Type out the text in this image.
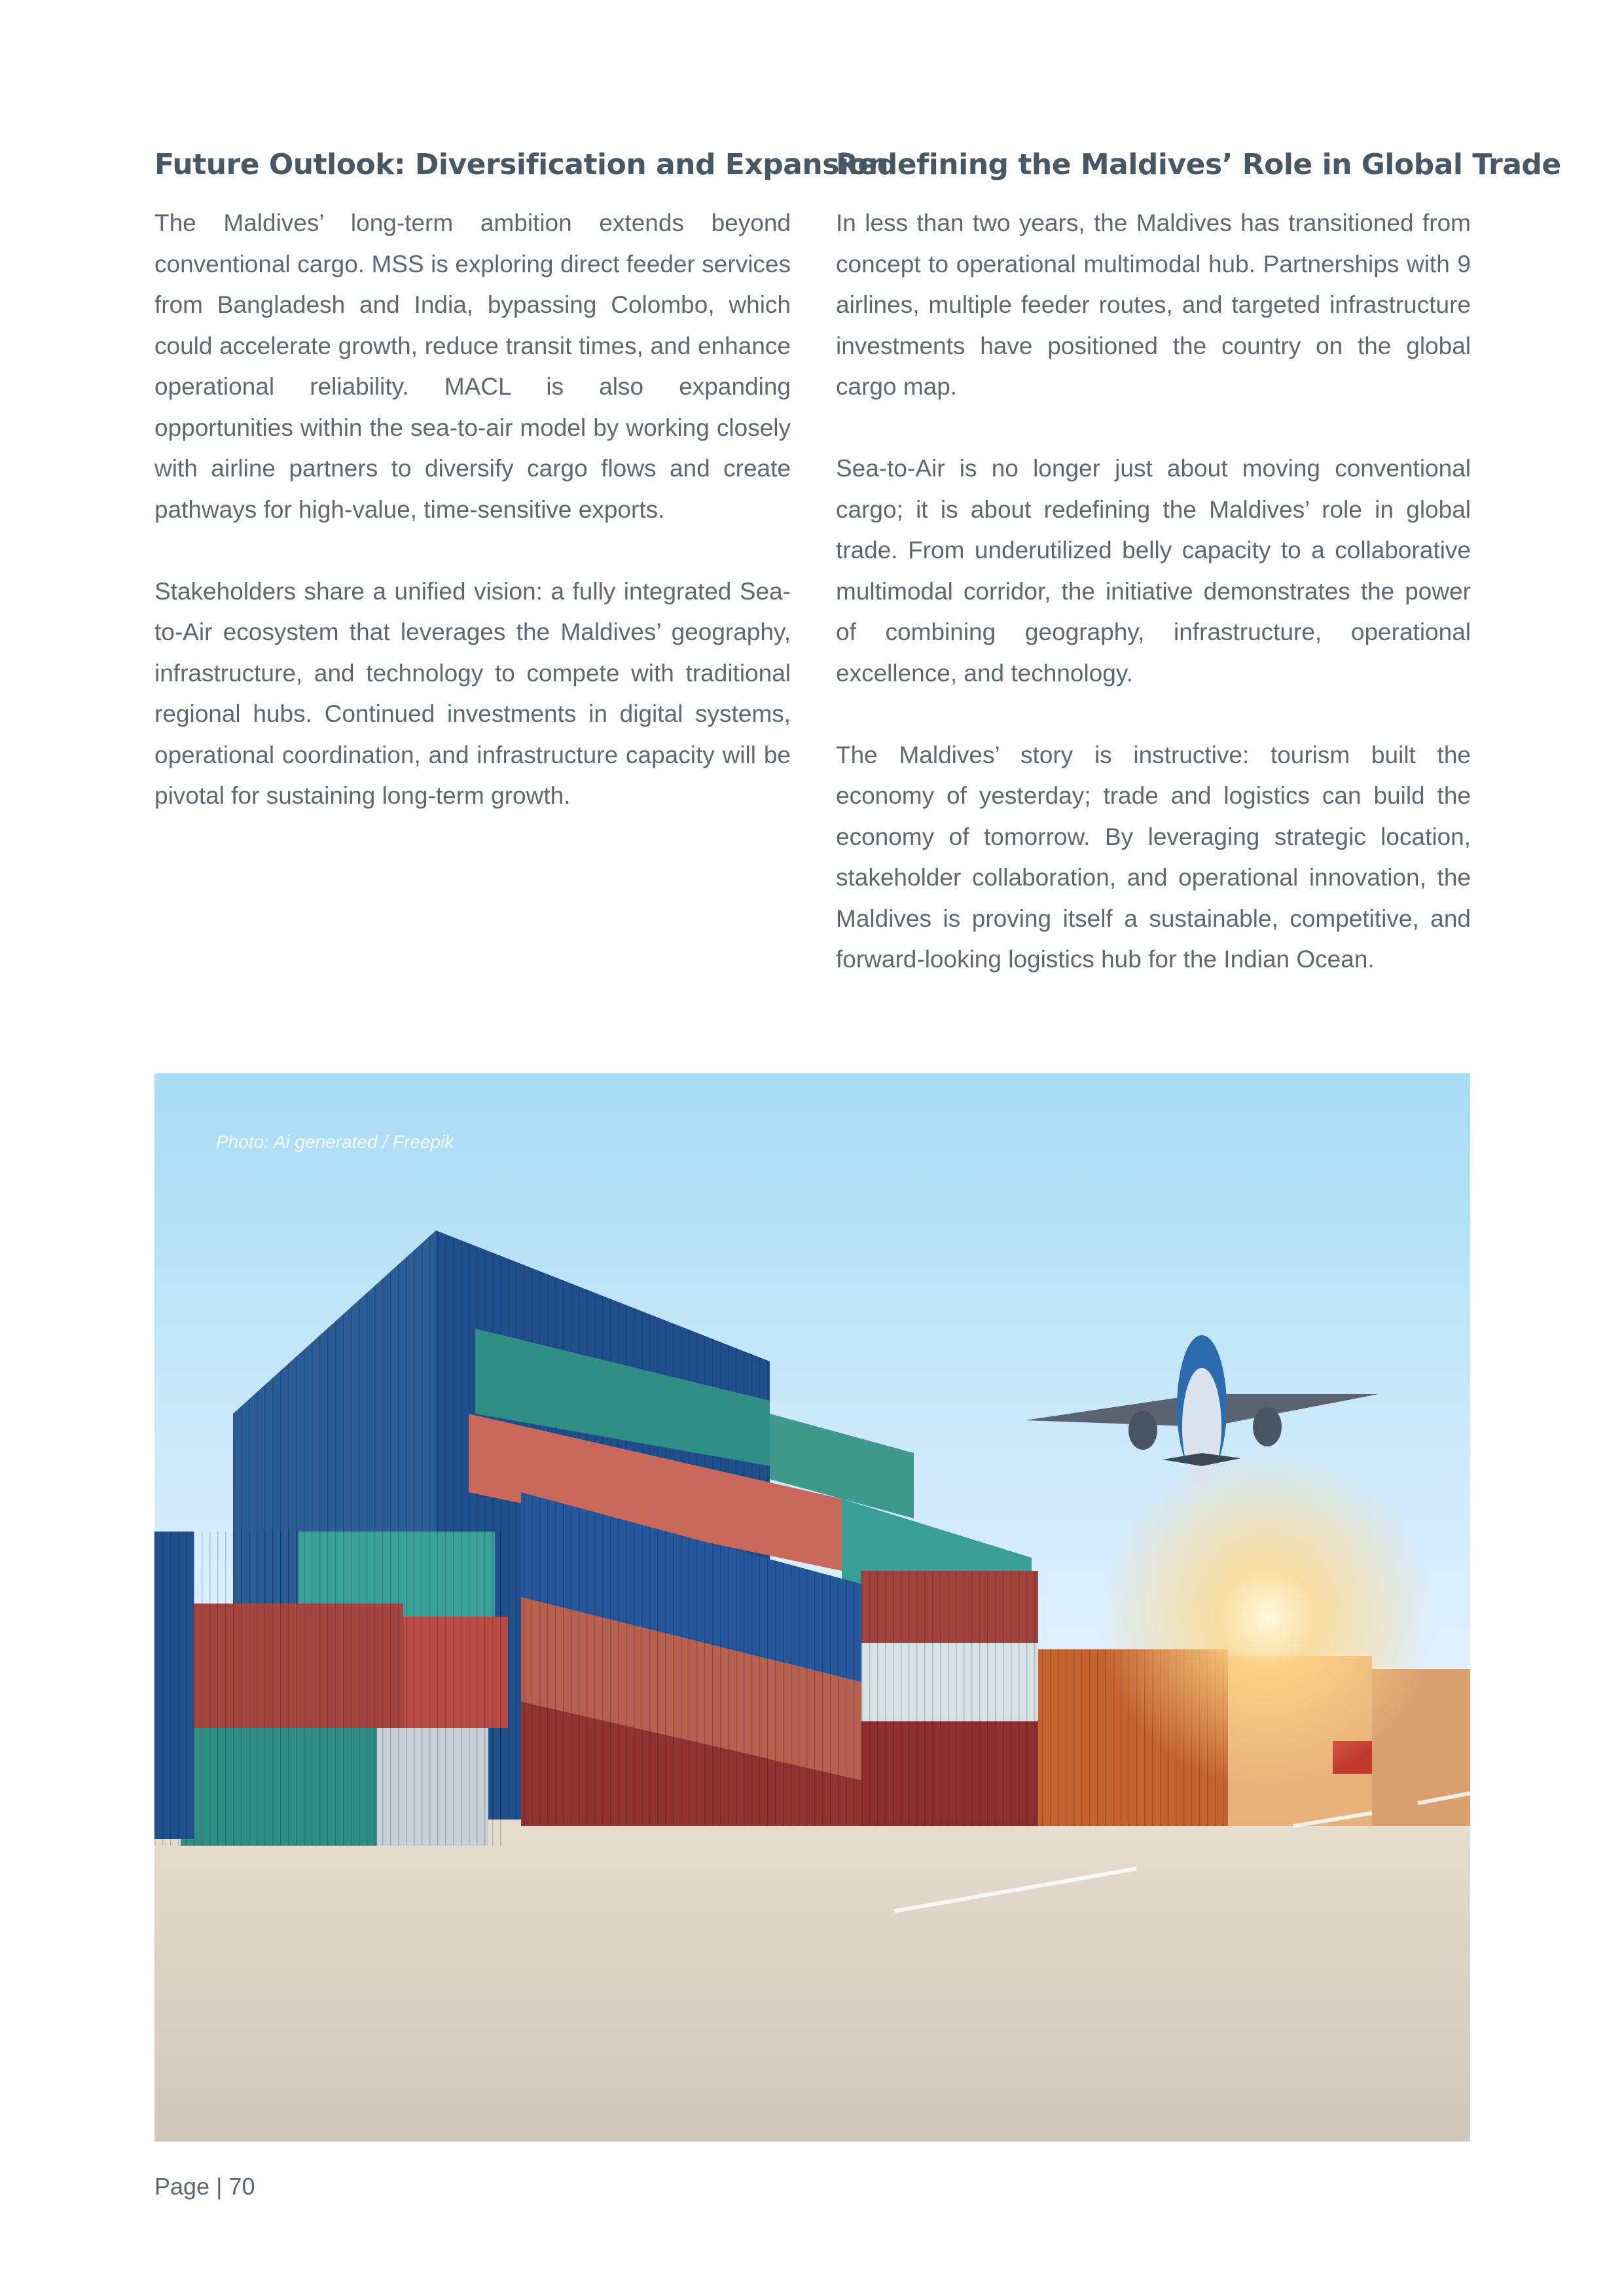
Future Outlook: Diversification and Expansion

The Maldives’ long-term ambition extends beyond conventional cargo. MSS is exploring direct feeder services from Bangladesh and India, bypassing Colombo, which could accelerate growth, reduce transit times, and enhance operational reliability. MACL is also expanding opportunities within the sea-to-air model by working closely with airline partners to diversify cargo flows and create pathways for high-value, time-sensitive exports.

Stakeholders share a unified vision: a fully integrated Sea-to-Air ecosystem that leverages the Maldives’ geography, infrastructure, and technology to compete with traditional regional hubs. Continued investments in digital systems, operational coordination, and infrastructure capacity will be pivotal for sustaining long-term growth.

Redefining the Maldives’ Role in Global Trade

In less than two years, the Maldives has transitioned from concept to operational multimodal hub. Partnerships with 9 airlines, multiple feeder routes, and targeted infrastructure investments have positioned the country on the global cargo map.

Sea-to-Air is no longer just about moving conventional cargo; it is about redefining the Maldives’ role in global trade. From underutilized belly capacity to a collaborative multimodal corridor, the initiative demonstrates the power of combining geography, infrastructure, operational excellence, and technology.

The Maldives’ story is instructive: tourism built the economy of yesterday; trade and logistics can build the economy of tomorrow. By leveraging strategic location, stakeholder collaboration, and operational innovation, the Maldives is proving itself a sustainable, competitive, and forward-looking logistics hub for the Indian Ocean.

Photo: Ai generated / Freepik
Page | 70
